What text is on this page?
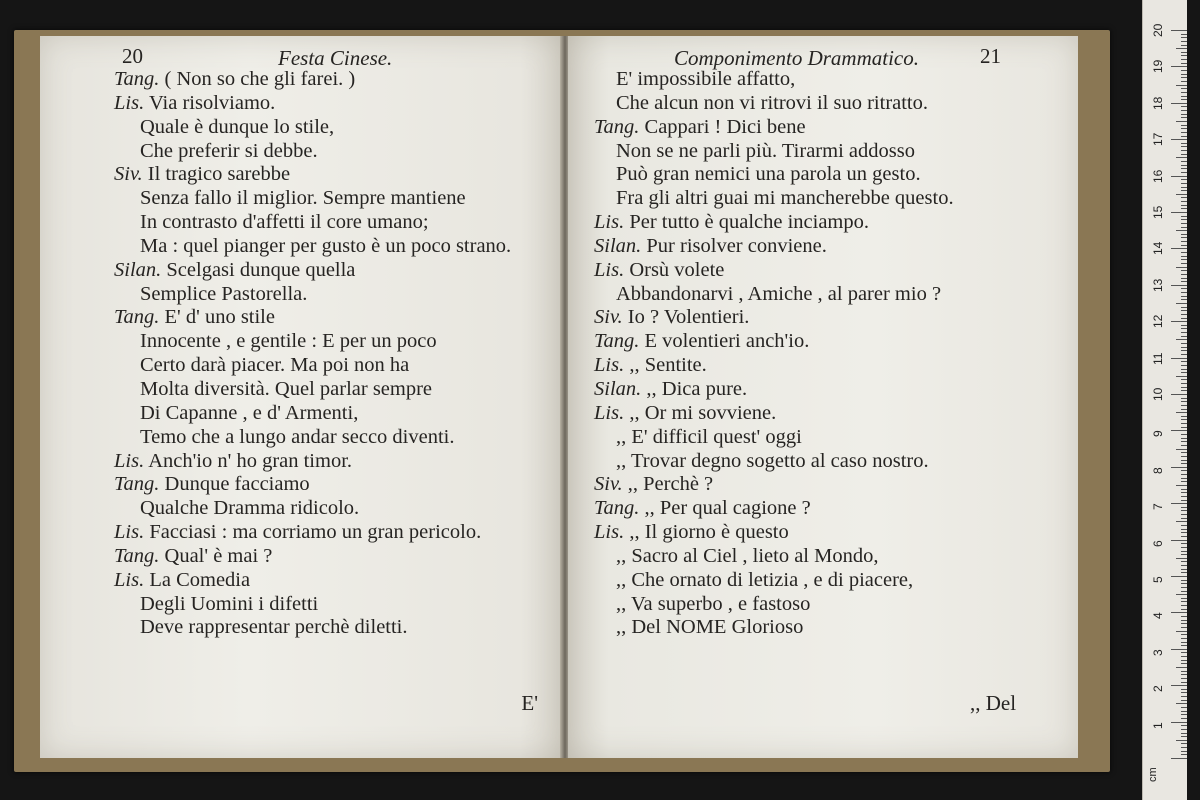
20	Festa Cinese.
Tang. ( Non so che gli farei. )
Lis. Via risolviamo.
Quale è dunque lo stile,
Che preferir si debbe.
Siv. Il tragico sarebbe
Senza fallo il miglior. Sempre mantiene
In contrasto d'affetti il core umano;
Ma : quel pianger per gusto è un poco strano.
Silan. Scelgasi dunque quella
Semplice Pastorella.
Tang. E' d' uno stile
Innocente , e gentile : E per un poco
Certo darà piacer. Ma poi non ha
Molta diversità. Quel parlar sempre
Di Capanne , e d' Armenti,
Temo che a lungo andar secco diventi.
Lis. Anch'io n' ho gran timor.
Tang. Dunque facciamo
Qualche Dramma ridicolo.
Lis. Facciasi : ma corriamo un gran pericolo.
Tang. Qual' è mai ?
Lis. La Comedia
Degli Uomini i difetti
Deve rappresentar perchè diletti.
E'
Componimento Drammatico.	21
E' impossibile affatto,
Che alcun non vi ritrovi il suo ritratto.
Tang. Cappari ! Dici bene
Non se ne parli più. Tirarmi addosso
Può gran nemici una parola un gesto.
Fra gli altri guai mi mancherebbe questo.
Lis. Per tutto è qualche inciampo.
Silan. Pur risolver conviene.
Lis. Orsù volete
Abbandonarvi , Amiche , al parer mio ?
Siv. Io ? Volentieri.
Tang. E volentieri anch'io.
Lis. ,, Sentite.
Silan. ,, Dica pure.
Lis. ,, Or mi sovviene.
,, E' difficil quest' oggi
,, Trovar degno sogetto al caso nostro.
Siv. ,, Perchè ?
Tang. ,, Per qual cagione ?
Lis. ,, Il giorno è questo
,, Sacro al Ciel , lieto al Mondo,
,, Che ornato di letizia , e di piacere,
,, Va superbo , e fastoso
,, Del NOME Glorioso
,, Del
cm
1
2
3
4
5
6
7
8
9
10
11
12
13
14
15
16
17
18
19
20
